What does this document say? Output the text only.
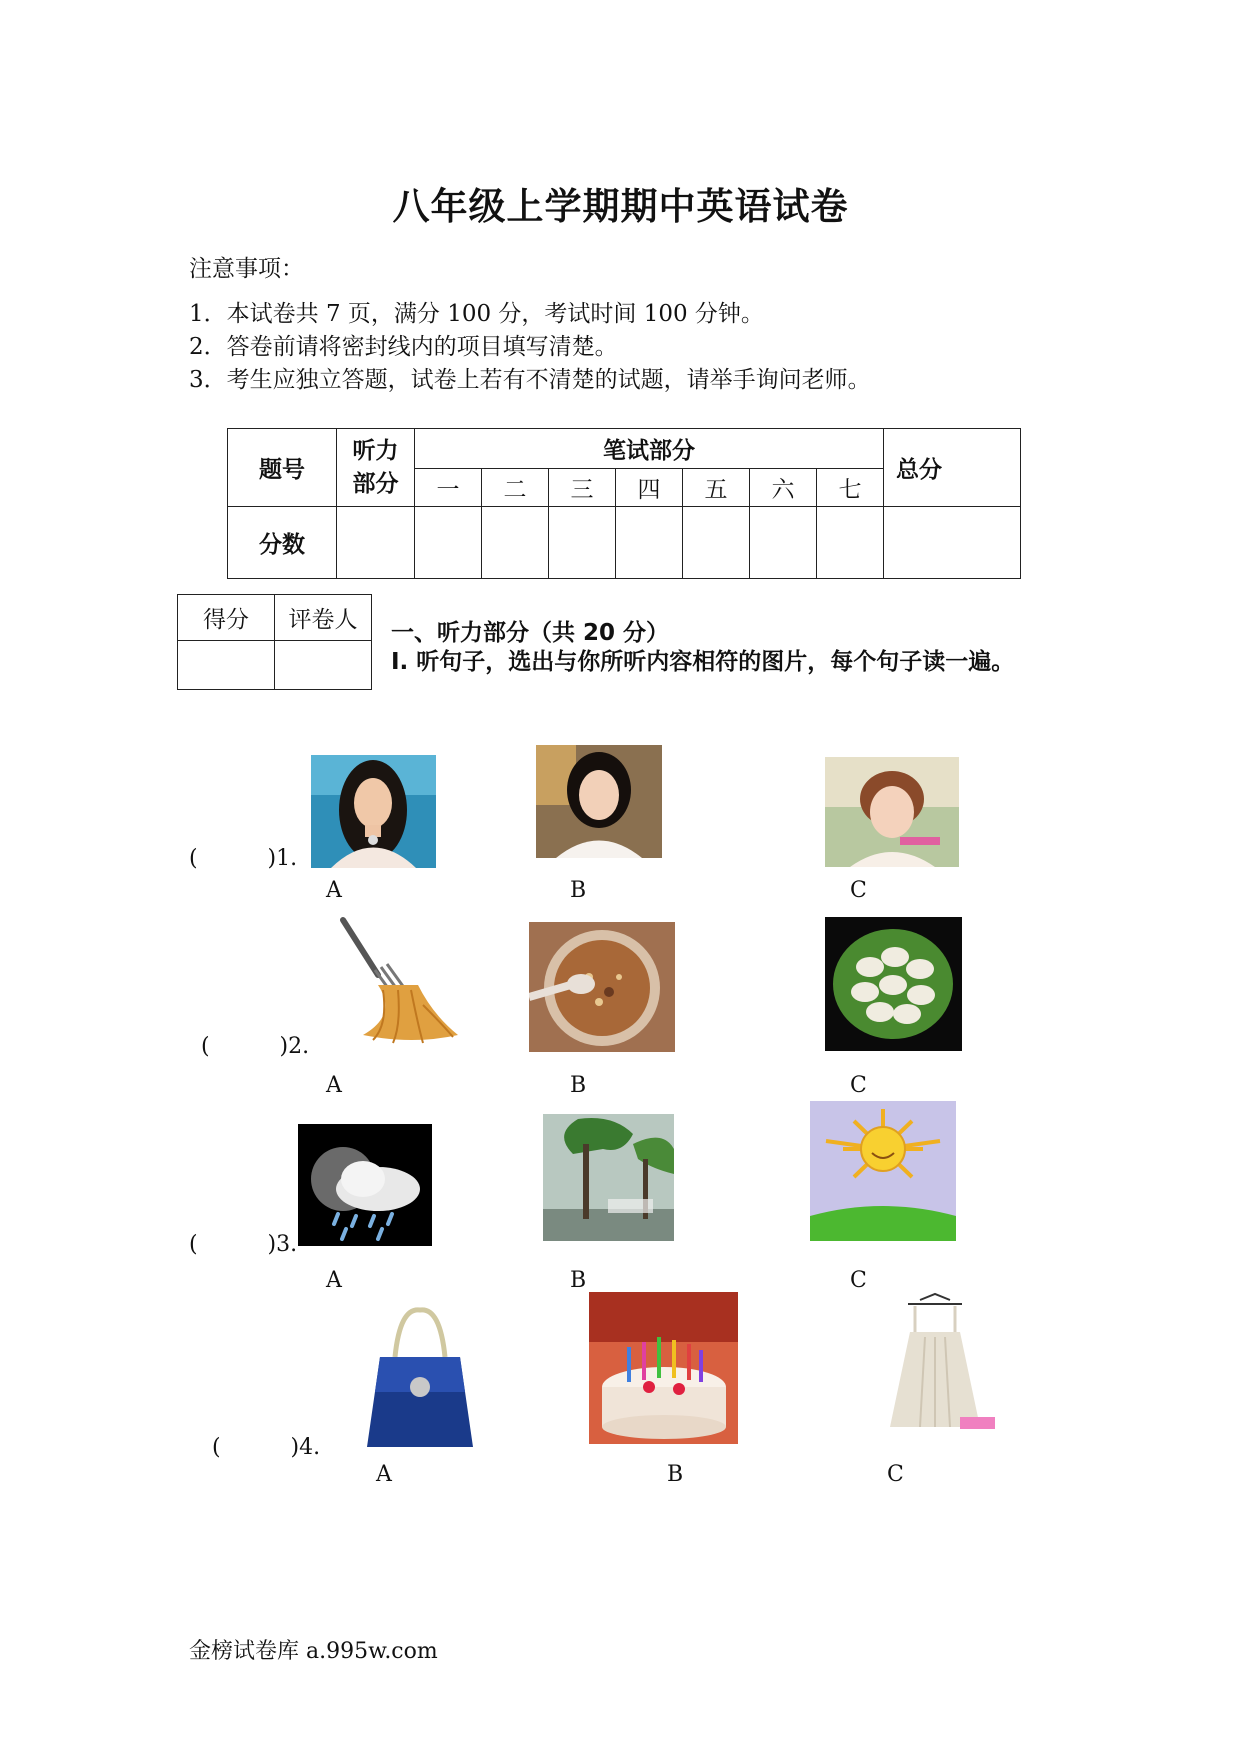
八年级上学期期中英语试卷
注意事项：
1．本试卷共 7 页，满分 100 分，考试时间 100 分钟。
2．答卷前请将密封线内的项目填写清楚。
3．考生应独立答题，试卷上若有不清楚的试题，请举手询问老师。
题号	听力部分	笔试部分							总分
		一	二	三	四	五	六	七	
分数									
得分	评卷人
	一、听力部分（共 20 分）
Ⅰ. 听句子，选出与你所听内容相符的图片，每个句子读一遍。
(          )1.
A	B	C
(          )2.
A	B	C
(          )3.
A	B	C
(          )4.
A	B	C
金榜试卷库 a.995w.com
